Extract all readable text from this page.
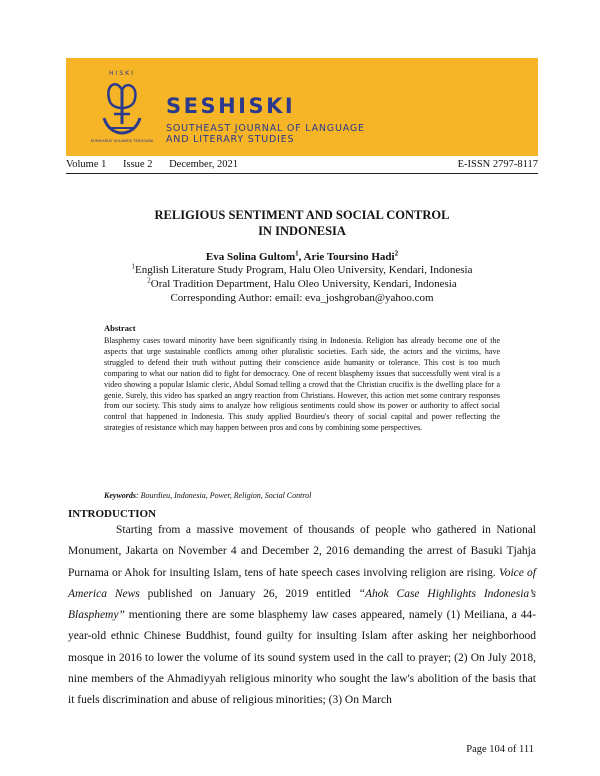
HISKI
KOMISARIAT SULAWESI TENGGARA
SESHISKI
SOUTHEAST JOURNAL OF LANGUAGE
AND LITERARY STUDIES
Volume 1 Issue 2 December, 2021	E-ISSN 2797-8117
RELIGIOUS SENTIMENT AND SOCIAL CONTROL
IN INDONESIA
Eva Solina Gultom$^1$, Arie Toursino Hadi$^2$
$^1$English Literature Study Program, Halu Oleo University, Kendari, Indonesia
$^2$Oral Tradition Department, Halu Oleo University, Kendari, Indonesia
Corresponding Author: email: eva_joshgroban@yahoo.com
Abstract
Blasphemy cases toward minority have been significantly rising in Indonesia. Religion has already become one of the aspects that urge sustainable conflicts among other pluralistic societies. Each side, the actors and the victims, have struggled to defend their truth without putting their conscience aside humanity or tolerance. This cost is too much comparing to what our nation did to fight for democracy. One of recent blasphemy issues that successfully went viral is a video showing a popular Islamic cleric, Abdul Somad telling a crowd that the Christian crucifix is the dwelling place for a genie. Surely, this video has sparked an angry reaction from Christians. However, this action met some contrary responses from our society. This study aims to analyze how religious sentiments could show its power or authority to affect social control that happened in Indonesia. This study applied Bourdieu's theory of social capital and power reflecting the strategies of resistance which may happen between pros and cons by combining some perspectives.
Keywords: Bourdieu, Indonesia, Power, Religion, Social Control
INTRODUCTION
Starting from a massive movement of thousands of people who gathered in National Monument, Jakarta on November 4 and December 2, 2016 demanding the arrest of Basuki Tjahja Purnama or Ahok for insulting Islam, tens of hate speech cases involving religion are rising. Voice of America News published on January 26, 2019 entitled “Ahok Case Highlights Indonesia’s Blasphemy” mentioning there are some blasphemy law cases appeared, namely (1) Meiliana, a 44-year-old ethnic Chinese Buddhist, found guilty for insulting Islam after asking her neighborhood mosque in 2016 to lower the volume of its sound system used in the call to prayer; (2) On July 2018, nine members of the Ahmadiyyah religious minority who sought the law's abolition of the basis that it fuels discrimination and abuse of religious minorities; (3) On March
Page 104 of 111
